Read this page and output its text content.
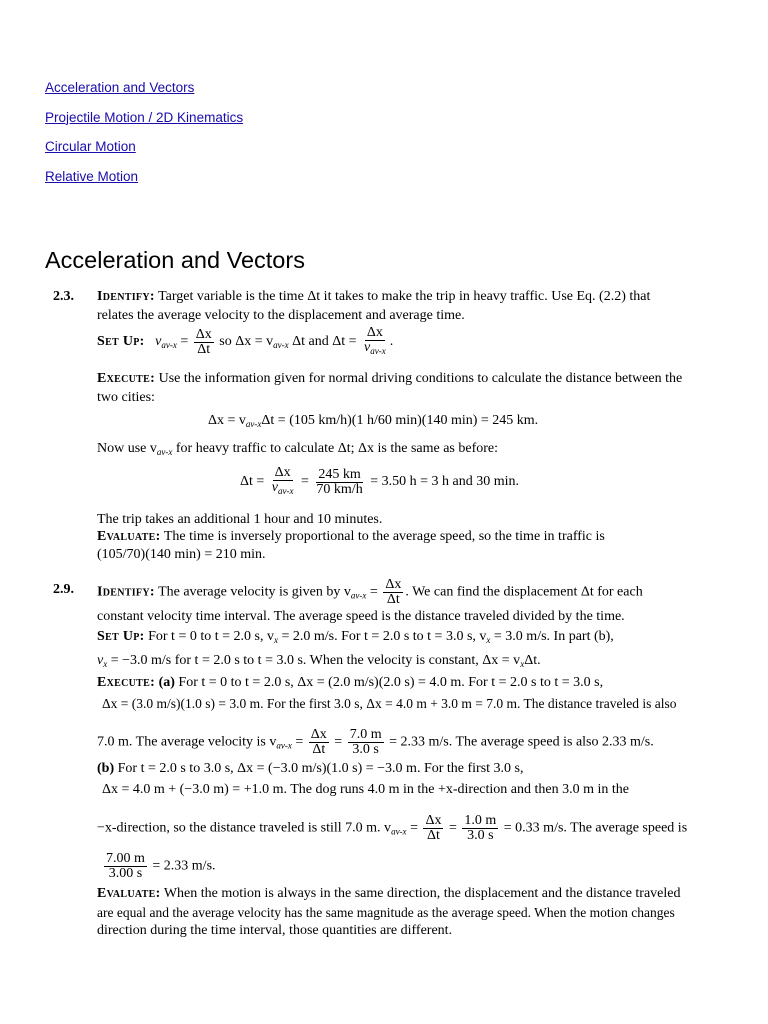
Acceleration and Vectors
Projectile Motion / 2D Kinematics
Circular Motion
Relative Motion
Acceleration and Vectors
2.3. Identify: Target variable is the time Δt it takes to make the trip in heavy traffic. Use Eq. (2.2) that
relates the average velocity to the displacement and average time.
Set Up: $v_{av-x} = \frac{\Delta x}{\Delta t}$ so $\Delta x = v_{av-x}$ Δt and $\Delta t = \frac{\Delta x}{v_{av-x}}$ .
Execute: Use the information given for normal driving conditions to calculate the distance between the
two cities:
$\Delta x = v_{av-x}\Delta t = (105$ km/h)(1 h/60 min)(140 min) = 245 km.
Now use $v_{av-x}$ for heavy traffic to calculate Δt; Δx is the same as before:
$\Delta t = \frac{\Delta x}{v_{av-x}} = \frac{245 km}{70 km/h} = 3.50$ h = 3 h and 30 min.
The trip takes an additional 1 hour and 10 minutes.
Evaluate: The time is inversely proportional to the average speed, so the time in traffic is
(105/70)(140 min) = 210 min.
2.9. Identify: The average velocity is given by $v_{av-x} = \frac{\Delta x}{\Delta t}$ . We can find the displacement Δt for each
constant velocity time interval. The average speed is the distance traveled divided by the time.
Set Up: For t = 0 to t = 2.0 s, $v_x = 2.0$ m/s. For t = 2.0 s to t = 3.0 s, $v_x = 3.0$ m/s. In part (b),
$v_x = -3.0$ m/s for t = 2.0 s to t = 3.0 s. When the velocity is constant, $\Delta x = v_x\Delta t$.
Execute: (a) For t = 0 to t = 2.0 s, Δx = (2.0 m/s)(2.0 s) = 4.0 m. For t = 2.0 s to t = 3.0 s,
Δx = (3.0 m/s)(1.0 s) = 3.0 m. For the first 3.0 s, Δx = 4.0 m + 3.0 m = 7.0 m. The distance traveled is also
7.0 m. The average velocity is $v_{av-x} = \frac{\Delta x}{\Delta t} = \frac{7.0 m}{3.0 s} = 2.33$ m/s. The average speed is also 2.33 m/s.
(b) For t = 2.0 s to 3.0 s, Δx = (−3.0 m/s)(1.0 s) = −3.0 m. For the first 3.0 s,
Δx = 4.0 m + (−3.0 m) = +1.0 m. The dog runs 4.0 m in the +x-direction and then 3.0 m in the
−x-direction, so the distance traveled is still 7.0 m. $v_{av-x} = \frac{\Delta x}{\Delta t} = \frac{1.0 m}{3.0 s} = 0.33$ m/s. The average speed is
$\frac{7.00 m}{3.00 s} = 2.33$ m/s.
Evaluate: When the motion is always in the same direction, the displacement and the distance traveled
are equal and the average velocity has the same magnitude as the average speed. When the motion changes
direction during the time interval, those quantities are different.
